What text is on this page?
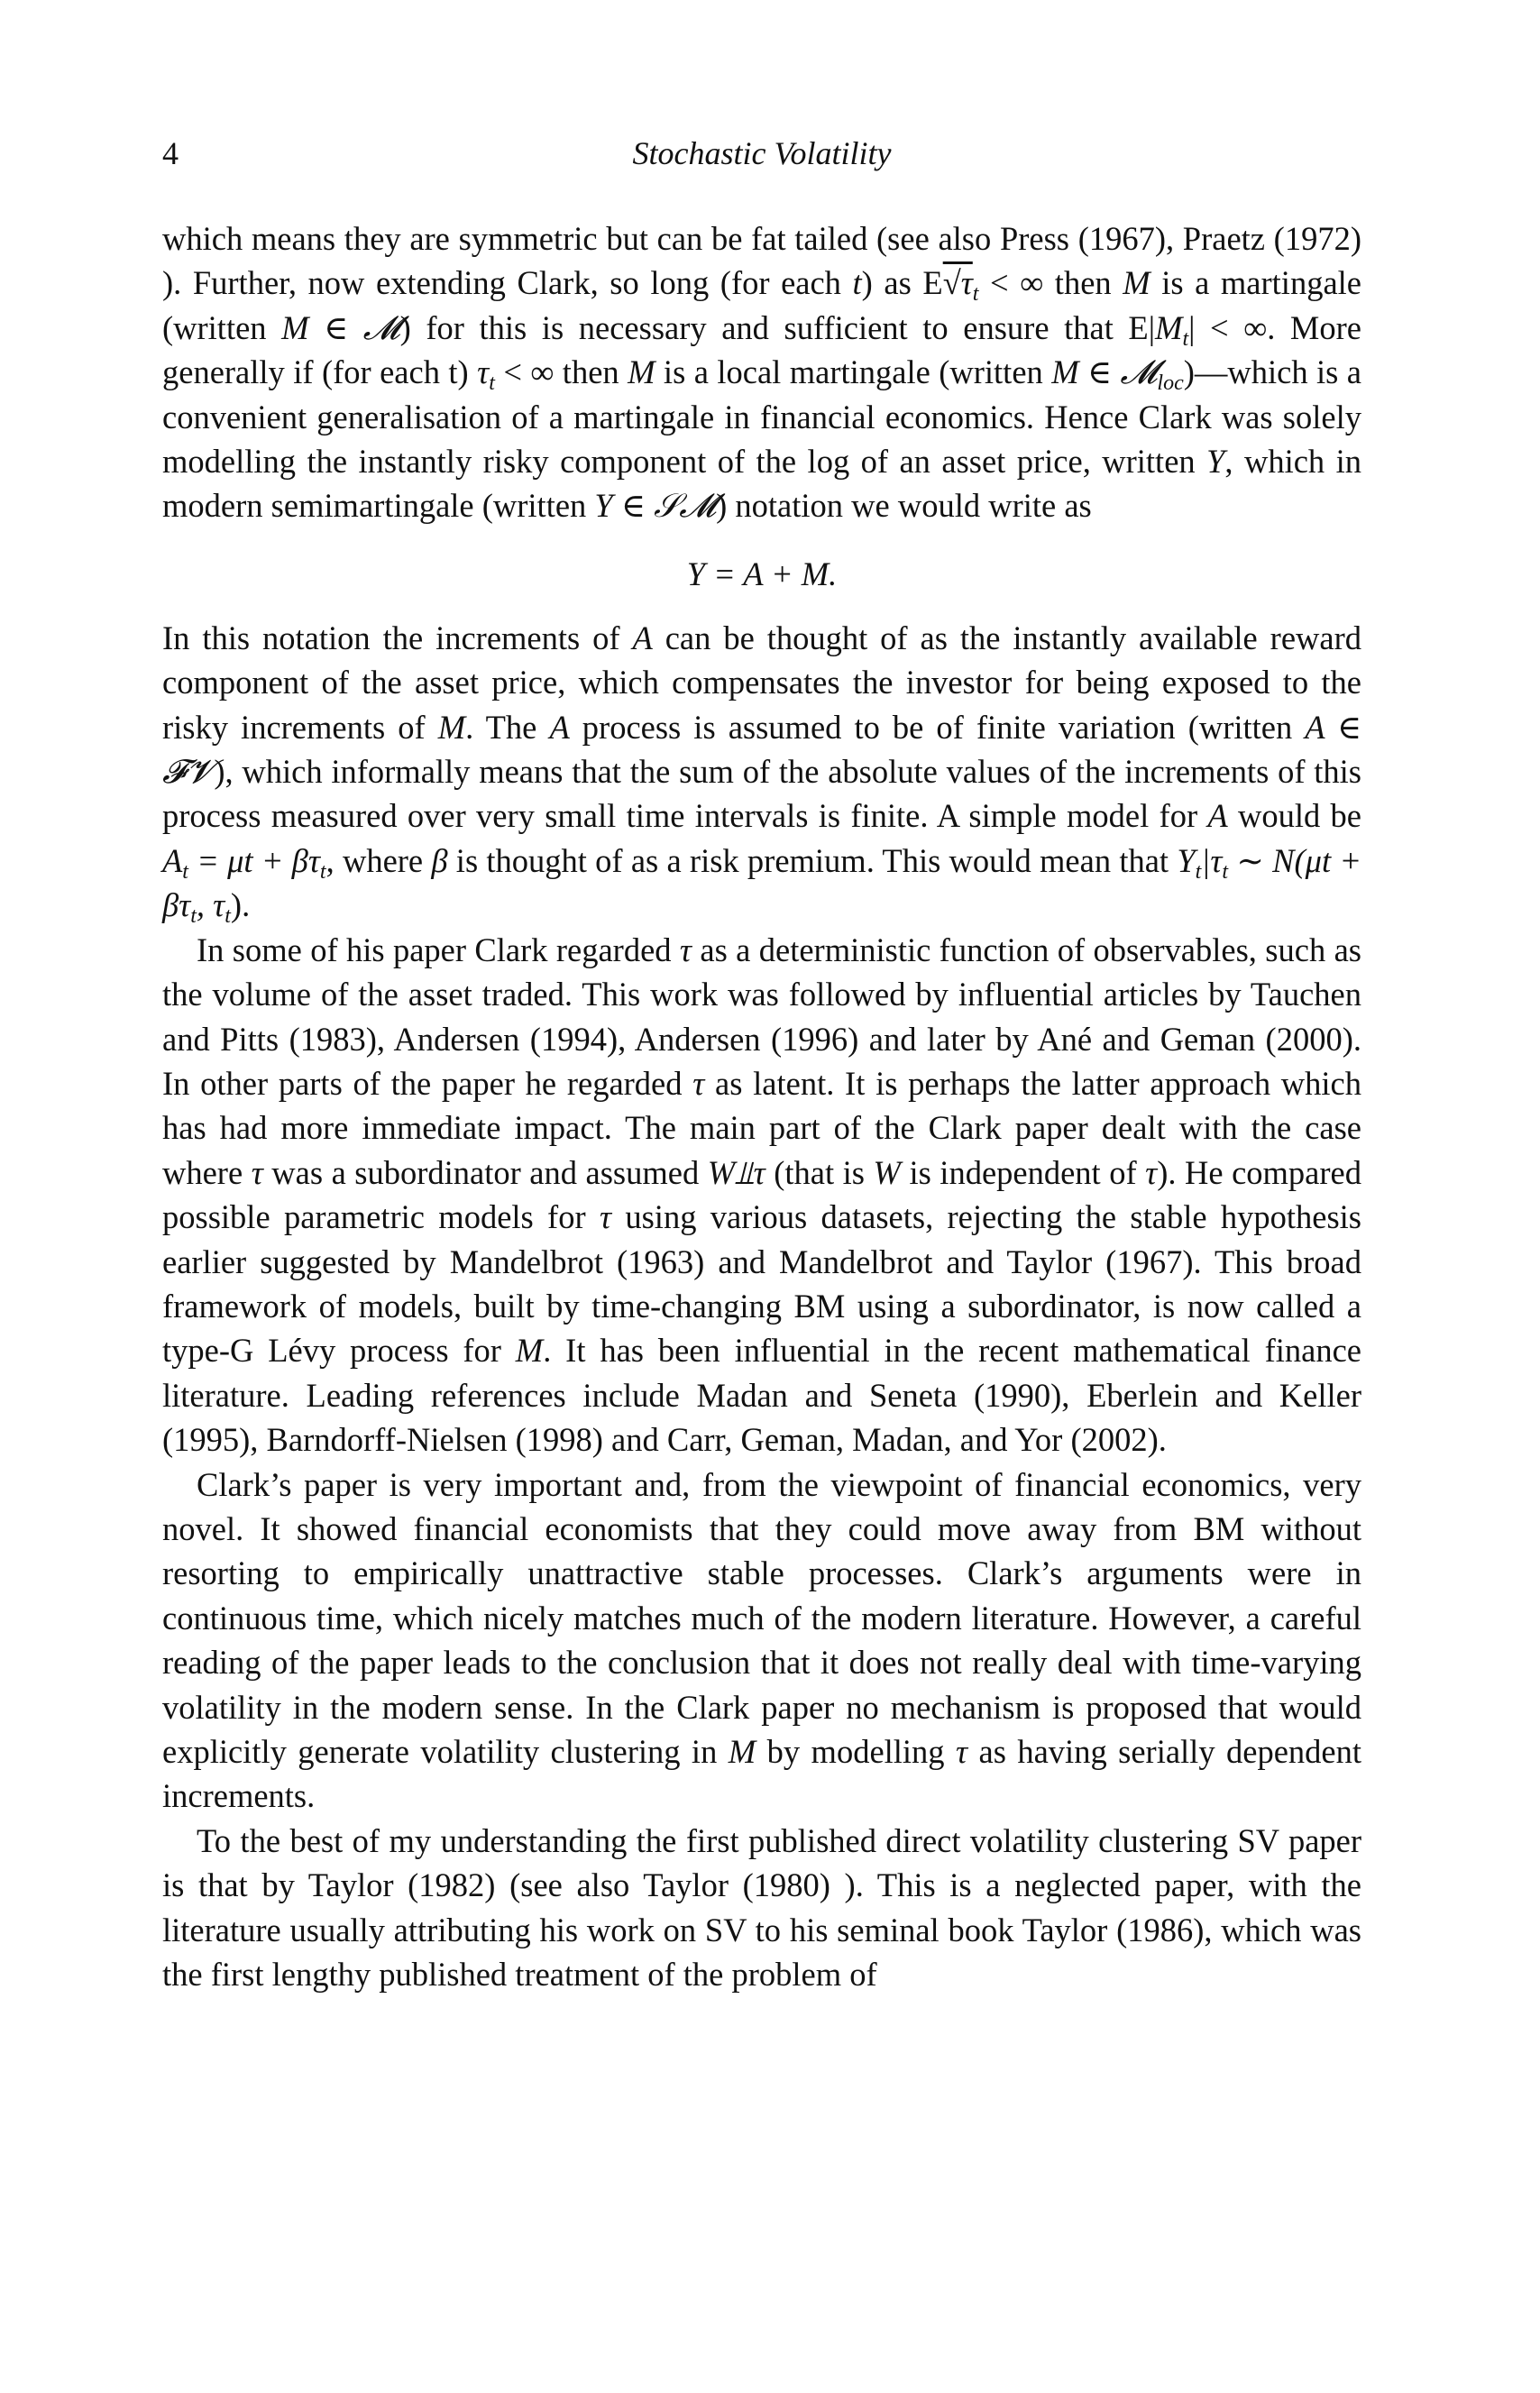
4	Stochastic Volatility

which means they are symmetric but can be fat tailed (see also Press (1967), Praetz (1972) ). Further, now extending Clark, so long (for each t) as $E√\tau_t$ < ∞ then M is a martingale (written M ∈ 𝓜) for this is necessary and sufficient to ensure that $E|M_t|$ < ∞. More generally if (for each t) $\tau_t$ < ∞ then M is a local martingale (written M ∈ 𝓜$_{loc}$)—which is a convenient generalisation of a martingale in financial economics. Hence Clark was solely modelling the instantly risky component of the log of an asset price, written Y, which in modern semimartingale (written Y ∈ 𝒮𝓜) notation we would write as

Y = A + M.

In this notation the increments of A can be thought of as the instantly available reward component of the asset price, which compensates the investor for being exposed to the risky increments of M. The A process is assumed to be of finite variation (written A ∈ 𝓕𝓥), which informally means that the sum of the absolute values of the increments of this process measured over very small time intervals is finite. A simple model for A would be $A_t = \mu t + \beta\tau_t$, where β is thought of as a risk premium. This would mean that $Y_t|\tau_t$ ∼ $N(\mu t + \beta\tau_t$, $\tau_t$).

In some of his paper Clark regarded τ as a deterministic function of observables, such as the volume of the asset traded. This work was followed by influential articles by Tauchen and Pitts (1983), Andersen (1994), Andersen (1996) and later by Ané and Geman (2000). In other parts of the paper he regarded τ as latent. It is perhaps the latter approach which has had more immediate impact. The main part of the Clark paper dealt with the case where τ was a subordinator and assumed W⫫τ (that is W is independent of τ). He compared possible parametric models for τ using various datasets, rejecting the stable hypothesis earlier suggested by Mandelbrot (1963) and Mandelbrot and Taylor (1967). This broad framework of models, built by time-changing BM using a subordinator, is now called a type-G Lévy process for M. It has been influential in the recent mathematical finance literature. Leading references include Madan and Seneta (1990), Eberlein and Keller (1995), Barndorff-Nielsen (1998) and Carr, Geman, Madan, and Yor (2002).

Clark’s paper is very important and, from the viewpoint of financial economics, very novel. It showed financial economists that they could move away from BM without resorting to empirically unattractive stable processes. Clark’s arguments were in continuous time, which nicely matches much of the modern literature. However, a careful reading of the paper leads to the conclusion that it does not really deal with time-varying volatility in the modern sense. In the Clark paper no mechanism is proposed that would explicitly generate volatility clustering in M by modelling τ as having serially dependent increments.

To the best of my understanding the first published direct volatility clustering SV paper is that by Taylor (1982) (see also Taylor (1980) ). This is a neglected paper, with the literature usually attributing his work on SV to his seminal book Taylor (1986), which was the first lengthy published treatment of the problem of
